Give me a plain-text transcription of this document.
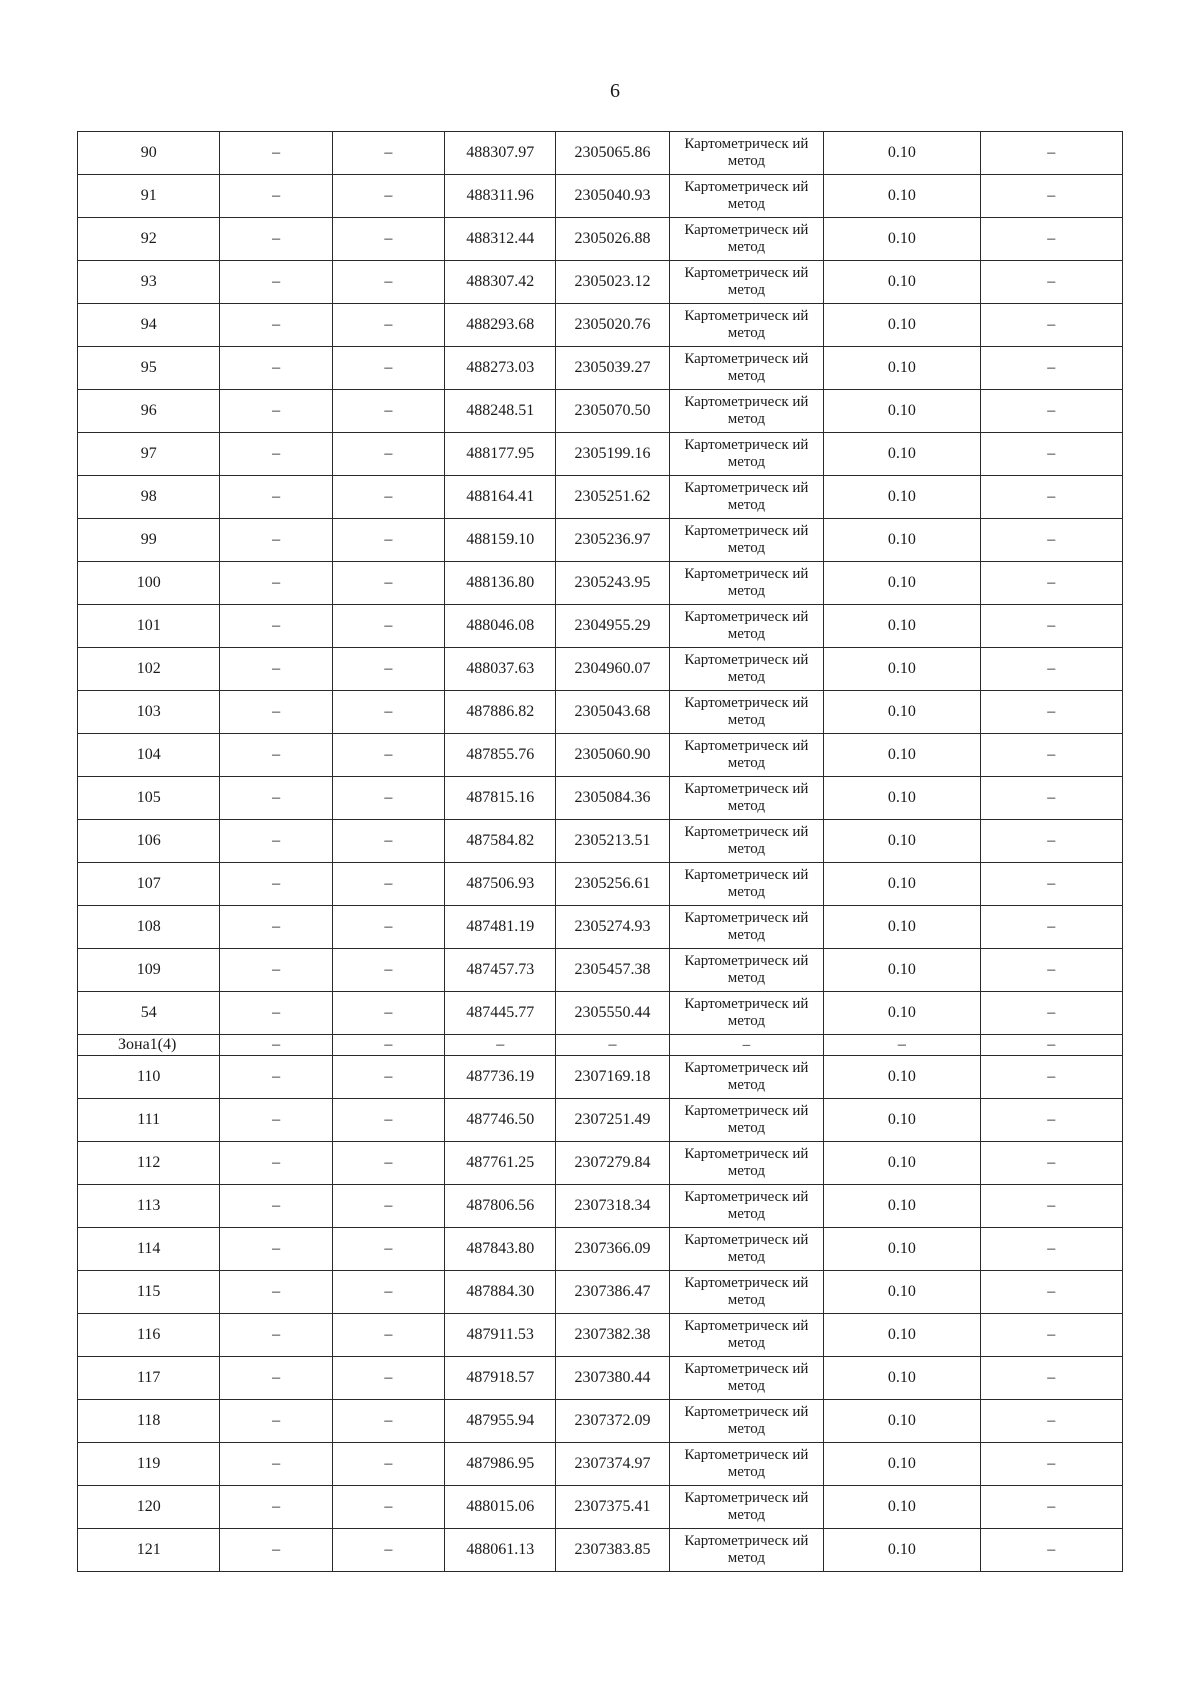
6
90	–	–	488307.97	2305065.86	Картометрическ ий метод	0.10	–
91	–	–	488311.96	2305040.93	Картометрическ ий метод	0.10	–
92	–	–	488312.44	2305026.88	Картометрическ ий метод	0.10	–
93	–	–	488307.42	2305023.12	Картометрическ ий метод	0.10	–
94	–	–	488293.68	2305020.76	Картометрическ ий метод	0.10	–
95	–	–	488273.03	2305039.27	Картометрическ ий метод	0.10	–
96	–	–	488248.51	2305070.50	Картометрическ ий метод	0.10	–
97	–	–	488177.95	2305199.16	Картометрическ ий метод	0.10	–
98	–	–	488164.41	2305251.62	Картометрическ ий метод	0.10	–
99	–	–	488159.10	2305236.97	Картометрическ ий метод	0.10	–
100	–	–	488136.80	2305243.95	Картометрическ ий метод	0.10	–
101	–	–	488046.08	2304955.29	Картометрическ ий метод	0.10	–
102	–	–	488037.63	2304960.07	Картометрическ ий метод	0.10	–
103	–	–	487886.82	2305043.68	Картометрическ ий метод	0.10	–
104	–	–	487855.76	2305060.90	Картометрическ ий метод	0.10	–
105	–	–	487815.16	2305084.36	Картометрическ ий метод	0.10	–
106	–	–	487584.82	2305213.51	Картометрическ ий метод	0.10	–
107	–	–	487506.93	2305256.61	Картометрическ ий метод	0.10	–
108	–	–	487481.19	2305274.93	Картометрическ ий метод	0.10	–
109	–	–	487457.73	2305457.38	Картометрическ ий метод	0.10	–
54	–	–	487445.77	2305550.44	Картометрическ ий метод	0.10	–
Зона1(4)	–	–	–	–	–	–	–
110	–	–	487736.19	2307169.18	Картометрическ ий метод	0.10	–
111	–	–	487746.50	2307251.49	Картометрическ ий метод	0.10	–
112	–	–	487761.25	2307279.84	Картометрическ ий метод	0.10	–
113	–	–	487806.56	2307318.34	Картометрическ ий метод	0.10	–
114	–	–	487843.80	2307366.09	Картометрическ ий метод	0.10	–
115	–	–	487884.30	2307386.47	Картометрическ ий метод	0.10	–
116	–	–	487911.53	2307382.38	Картометрическ ий метод	0.10	–
117	–	–	487918.57	2307380.44	Картометрическ ий метод	0.10	–
118	–	–	487955.94	2307372.09	Картометрическ ий метод	0.10	–
119	–	–	487986.95	2307374.97	Картометрическ ий метод	0.10	–
120	–	–	488015.06	2307375.41	Картометрическ ий метод	0.10	–
121	–	–	488061.13	2307383.85	Картометрическ ий метод	0.10	–
